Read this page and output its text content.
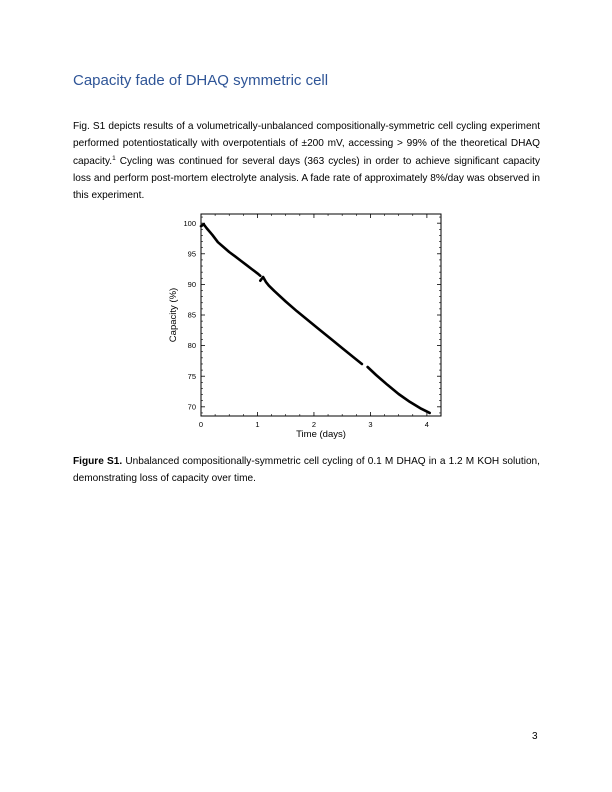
Capacity fade of DHAQ symmetric cell
Fig. S1 depicts results of a volumetrically-unbalanced compositionally-symmetric cell cycling experiment performed potentiostatically with overpotentials of ±200 mV, accessing > 99% of the theoretical DHAQ capacity.$^1$ Cycling was continued for several days (363 cycles) in order to achieve significant capacity loss and perform post-mortem electrolyte analysis. A fade rate of approximately 8%/day was observed in this experiment.
0	1	2	3	4
70
75
80
85
90
95
100
Time (days)
Capacity (%)
Figure S1. Unbalanced compositionally-symmetric cell cycling of 0.1 M DHAQ in a 1.2 M KOH solution, demonstrating loss of capacity over time.
3
